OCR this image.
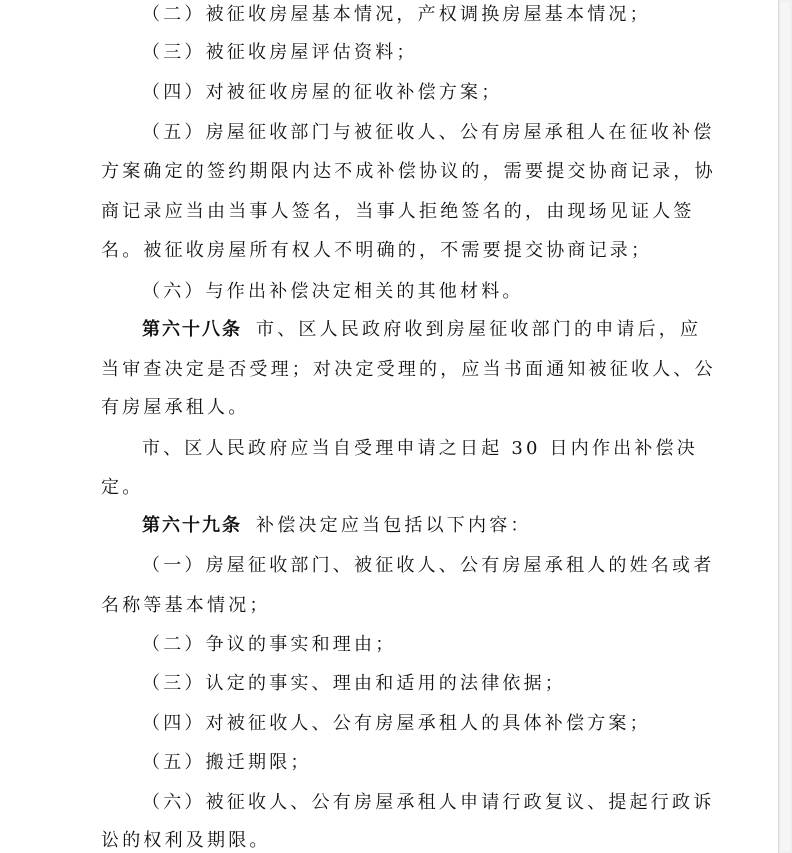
（二）被征收房屋基本情况，产权调换房屋基本情况；
（三）被征收房屋评估资料；
（四）对被征收房屋的征收补偿方案；
（五）房屋征收部门与被征收人、公有房屋承租人在征收补偿
方案确定的签约期限内达不成补偿协议的，需要提交协商记录，协
商记录应当由当事人签名，当事人拒绝签名的，由现场见证人签
名。被征收房屋所有权人不明确的，不需要提交协商记录；
（六）与作出补偿决定相关的其他材料。
第六十八条 市、区人民政府收到房屋征收部门的申请后，应
当审查决定是否受理；对决定受理的，应当书面通知被征收人、公
有房屋承租人。
市、区人民政府应当自受理申请之日起 30 日内作出补偿决
定。
第六十九条 补偿决定应当包括以下内容：
（一）房屋征收部门、被征收人、公有房屋承租人的姓名或者
名称等基本情况；
（二）争议的事实和理由；
（三）认定的事实、理由和适用的法律依据；
（四）对被征收人、公有房屋承租人的具体补偿方案；
（五）搬迁期限；
（六）被征收人、公有房屋承租人申请行政复议、提起行政诉
讼的权利及期限。
